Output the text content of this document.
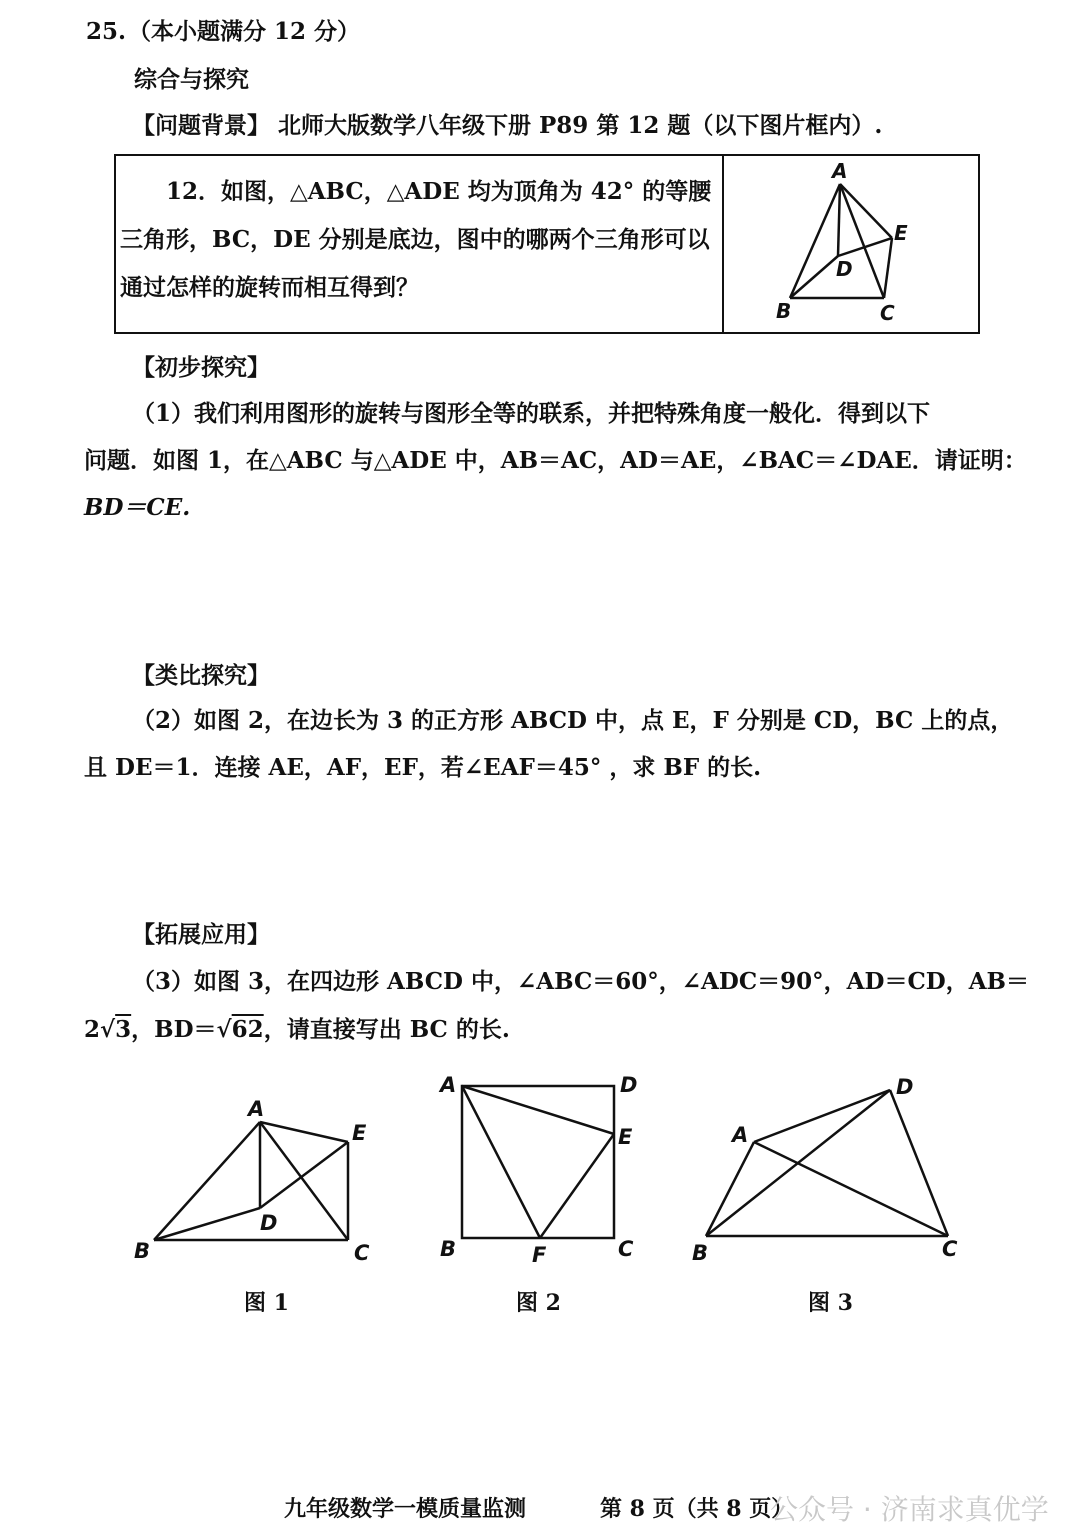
25. （本小题满分 12 分）
综合与探究
【问题背景】 北师大版数学八年级下册 P89 第 12 题（以下图片框内）.
12．如图，△ABC，△ADE 均为顶角为 42° 的等腰
三角形，BC，DE 分别是底边，图中的哪两个三角形可以
通过怎样的旋转而相互得到？
A
B	C
D
E
【初步探究】
（1）我们利用图形的旋转与图形全等的联系，并把特殊角度一般化．得到以下
问题．如图 1，在△ABC 与△ADE 中，AB＝AC，AD＝AE，∠BAC＝∠DAE．请证明：
BD＝CE.
【类比探究】
（2）如图 2，在边长为 3 的正方形 ABCD 中，点 E，F 分别是 CD，BC 上的点，
且 DE＝1．连接 AE，AF，EF，若∠EAF＝45° ，求 BF 的长.
【拓展应用】
（3）如图 3，在四边形 ABCD 中，∠ABC＝60°，∠ADC＝90°，AD＝CD，AB＝
2√3，BD＝√62，请直接写出 BC 的长.
A
B	C
D
E
A	D
E
B	F	C
A
D
B	C
图 1	图 2	图 3
九年级数学一模质量监测	第 8 页（共 8 页）
公众号 · 济南求真优学
